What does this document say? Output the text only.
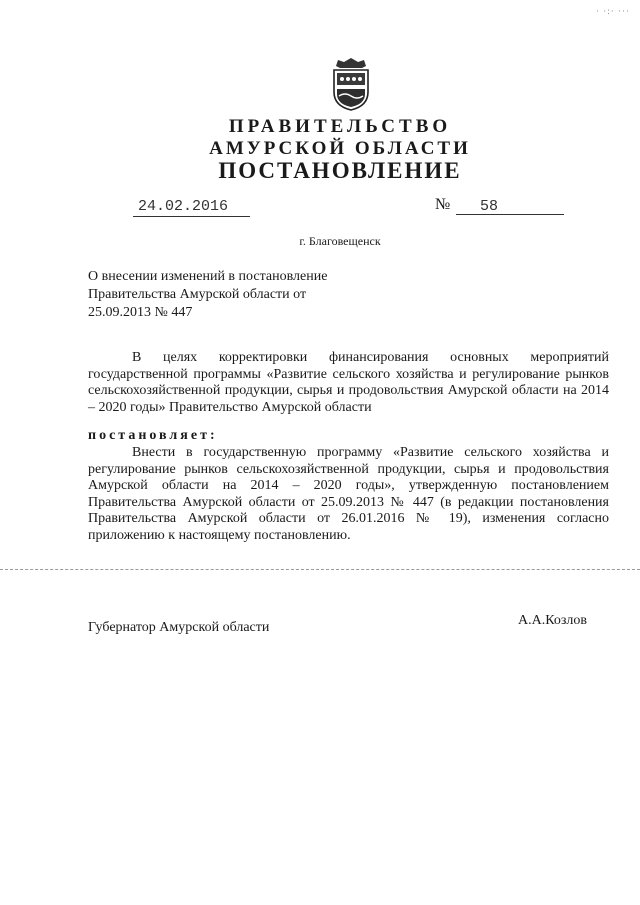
· ·:· ···
ПРАВИТЕЛЬСТВО
АМУРСКОЙ ОБЛАСТИ
ПОСТАНОВЛЕНИЕ
24.02.2016	№ 58
г. Благовещенск
О внесении изменений в постановление Правительства Амурской области от 25.09.2013 № 447
В целях корректировки финансирования основных мероприятий государственной программы «Развитие сельского хозяйства и регулирование рынков сельскохозяйственной продукции, сырья и продовольствия Амурской области на 2014 – 2020 годы» Правительство Амурской области
постановляет:
Внести в государственную программу «Развитие сельского хозяйства и регулирование рынков сельскохозяйственной продукции, сырья и продовольствия Амурской области на 2014 – 2020 годы», утвержденную постановлением Правительства Амурской области от 25.09.2013 № 447 (в редакции постановления Правительства Амурской области от 26.01.2016 № 19), изменения согласно приложению к настоящему постановлению.
Губернатор Амурской области	А.А.Козлов
